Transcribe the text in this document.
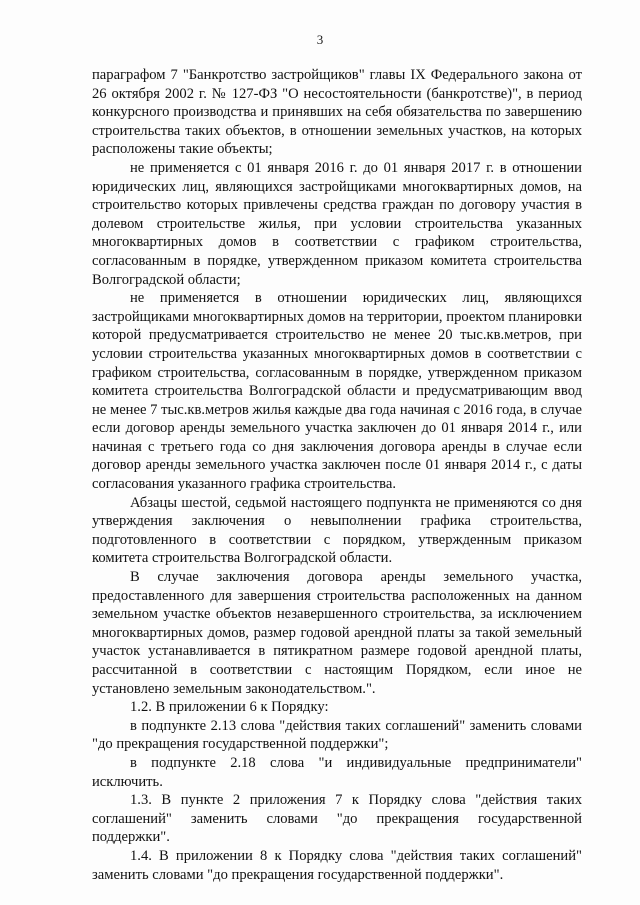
3

параграфом 7 "Банкротство застройщиков" главы IX Федерального закона от 26 октября 2002 г. № 127-ФЗ "О несостоятельности (банкротстве)", в период конкурсного производства и принявших на себя обязательства по завершению строительства таких объектов, в отношении земельных участков, на которых расположены такие объекты;

не применяется с 01 января 2016 г. до 01 января 2017 г. в отношении юридических лиц, являющихся застройщиками многоквартирных домов, на строительство которых привлечены средства граждан по договору участия в долевом строительстве жилья, при условии строительства указанных многоквартирных домов в соответствии с графиком строительства, согласованным в порядке, утвержденном приказом комитета строительства Волгоградской области;

не применяется в отношении юридических лиц, являющихся застройщиками многоквартирных домов на территории, проектом планировки которой предусматривается строительство не менее 20 тыс.кв.метров, при условии строительства указанных многоквартирных домов в соответствии с графиком строительства, согласованным в порядке, утвержденном приказом комитета строительства Волгоградской области и предусматривающим ввод не менее 7 тыс.кв.метров жилья каждые два года начиная с 2016 года, в случае если договор аренды земельного участка заключен до 01 января 2014 г., или начиная с третьего года со дня заключения договора аренды в случае если договор аренды земельного участка заключен после 01 января 2014 г., с даты согласования указанного графика строительства.

Абзацы шестой, седьмой настоящего подпункта не применяются со дня утверждения заключения о невыполнении графика строительства, подготовленного в соответствии с порядком, утвержденным приказом комитета строительства Волгоградской области.

В случае заключения договора аренды земельного участка, предоставленного для завершения строительства расположенных на данном земельном участке объектов незавершенного строительства, за исключением многоквартирных домов, размер годовой арендной платы за такой земельный участок устанавливается в пятикратном размере годовой арендной платы, рассчитанной в соответствии с настоящим Порядком, если иное не установлено земельным законодательством.".

1.2. В приложении 6 к Порядку:

в подпункте 2.13 слова "действия таких соглашений" заменить словами "до прекращения государственной поддержки";

в подпункте 2.18 слова "и индивидуальные предприниматели" исключить.

1.3. В пункте 2 приложения 7 к Порядку слова "действия таких соглашений" заменить словами "до прекращения государственной поддержки".

1.4. В приложении 8 к Порядку слова "действия таких соглашений" заменить словами "до прекращения государственной поддержки".
